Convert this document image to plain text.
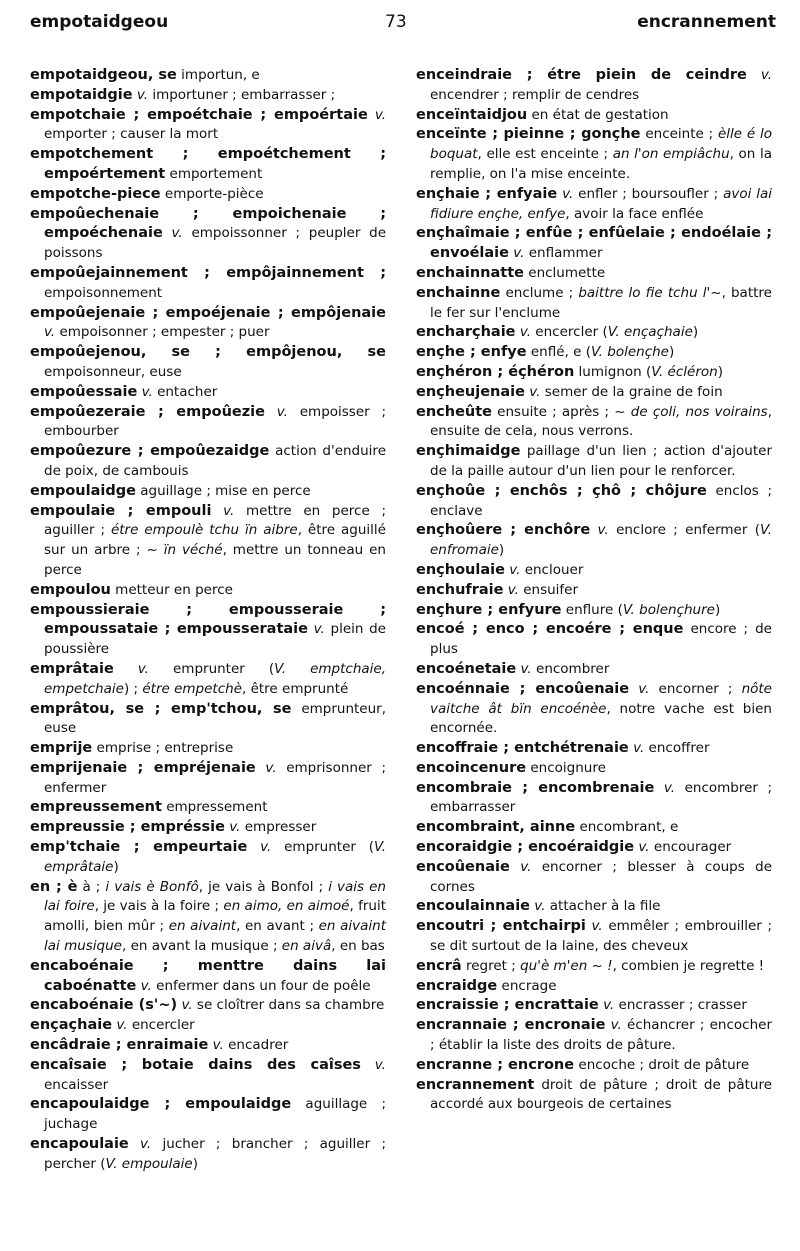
empotaidgeou	73	encrannement

empotaidgeou, se importun, e

empotaidgie v. importuner ; embarrasser ;

empotchaie ; empoétchaie ; empoértaie v. emporter ; causer la mort

empotchement ; empoétchement ; empoértement emportement

empotche-piece emporte-pièce

empoûechenaie ; empoichenaie ; empoéchenaie v. empoissonner ; peupler de poissons

empoûejainnement ; empôjainnement ; empoisonnement

empoûejenaie ; empoéjenaie ; empôjenaie v. empoisonner ; empester ; puer

empoûejenou, se ; empôjenou, se empoisonneur, euse

empoûessaie v. entacher

empoûezeraie ; empoûezie v. empoisser ; embourber

empoûezure ; empoûezaidge action d'enduire de poix, de cambouis

empoulaidge aguillage ; mise en perce

empoulaie ; empouli v. mettre en perce ; aguiller ; étre empoulè tchu ïn aibre, être aguillé sur un arbre ; ~ ïn véché, mettre un tonneau en perce

empoulou metteur en perce

empoussieraie ; empousseraie ; empoussataie ; empousserataie v. plein de poussière

emprâtaie v. emprunter (V. emptchaie, empetchaie) ; étre empetchè, être emprunté

emprâtou, se ; emp'tchou, se emprunteur, euse

emprije emprise ; entreprise

emprijenaie ; empréjenaie v. emprisonner ; enfermer

empreussement empressement

empreussie ; empréssie v. empresser

emp'tchaie ; empeurtaie v. emprunter (V. emprâtaie)

en ; è à ; i vais è Bonfô, je vais à Bonfol ; i vais en lai foire, je vais à la foire ; en aimo, en aimoé, fruit amolli, bien mûr ; en aivaint, en avant ; en aivaint lai musique, en avant la musique ; en aivâ, en bas

encaboénaie ; menttre dains lai caboénatte v. enfermer dans un four de poêle

encaboénaie (s'~) v. se cloîtrer dans sa chambre

ençaçhaie v. encercler

encâdraie ; enraimaie v. encadrer

encaîsaie ; botaie dains des caîses v. encaisser

encapoulaidge ; empoulaidge aguillage ; juchage

encapoulaie v. jucher ; brancher ; aguiller ; percher (V. empoulaie)

enceindraie ; étre piein de ceindre v. encendrer ; remplir de cendres

enceïntaidjou en état de gestation

enceïnte ; pieinne ; gonçhe enceinte ; èlle é lo boquat, elle est enceinte ; an l'on empiâchu, on la remplie, on l'a mise enceinte.

ençhaie ; enfyaie v. enfler ; boursoufler ; avoi lai fidiure ençhe, enfye, avoir la face enflée

ençhaîmaie ; enfûe ; enfûelaie ; endoélaie ; envoélaie v. enflammer

enchainnatte enclumette

enchainne enclume ; baittre lo fie tchu l'~, battre le fer sur l'enclume

encharçhaie v. encercler (V. ençaçhaie)

ençhe ; enfye enflé, e (V. bolençhe)

ençhéron ; éçhéron lumignon (V. écléron)

ençheujenaie v. semer de la graine de foin

encheûte ensuite ; après ; ~ de çoli, nos voirains, ensuite de cela, nous verrons.

ençhimaidge paillage d'un lien ; action d'ajouter de la paille autour d'un lien pour le renforcer.

ençhoûe ; enchôs ; çhô ; chôjure enclos ; enclave

ençhoûere ; enchôre v. enclore ; enfermer (V. enfromaie)

ençhoulaie v. enclouer

enchufraie v. ensuifer

ençhure ; enfyure enflure (V. bolençhure)

encoé ; enco ; encoére ; enque encore ; de plus

encoénetaie v. encombrer

encoénnaie ; encoûenaie v. encorner ; nôte vaitche ât bïn encoénèe, notre vache est bien encornée.

encoffraie ; entchétrenaie v. encoffrer

encoincenure encoignure

encombraie ; encombrenaie v. encombrer ; embarrasser

encombraint, ainne encombrant, e

encoraidgie ; encoéraidgie v. encourager

encoûenaie v. encorner ; blesser à coups de cornes

encoulainnaie v. attacher à la file

encoutri ; entchairpi v. emmêler ; embrouiller ; se dit surtout de la laine, des cheveux

encrâ regret ; qu'è m'en ~ !, combien je regrette !

encraidge encrage

encraissie ; encrattaie v. encrasser ; crasser

encrannaie ; encronaie v. échancrer ; encocher ; établir la liste des droits de pâture.

encranne ; encrone encoche ; droit de pâture

encrannement droit de pâture ; droit de pâture accordé aux bourgeois de certaines
